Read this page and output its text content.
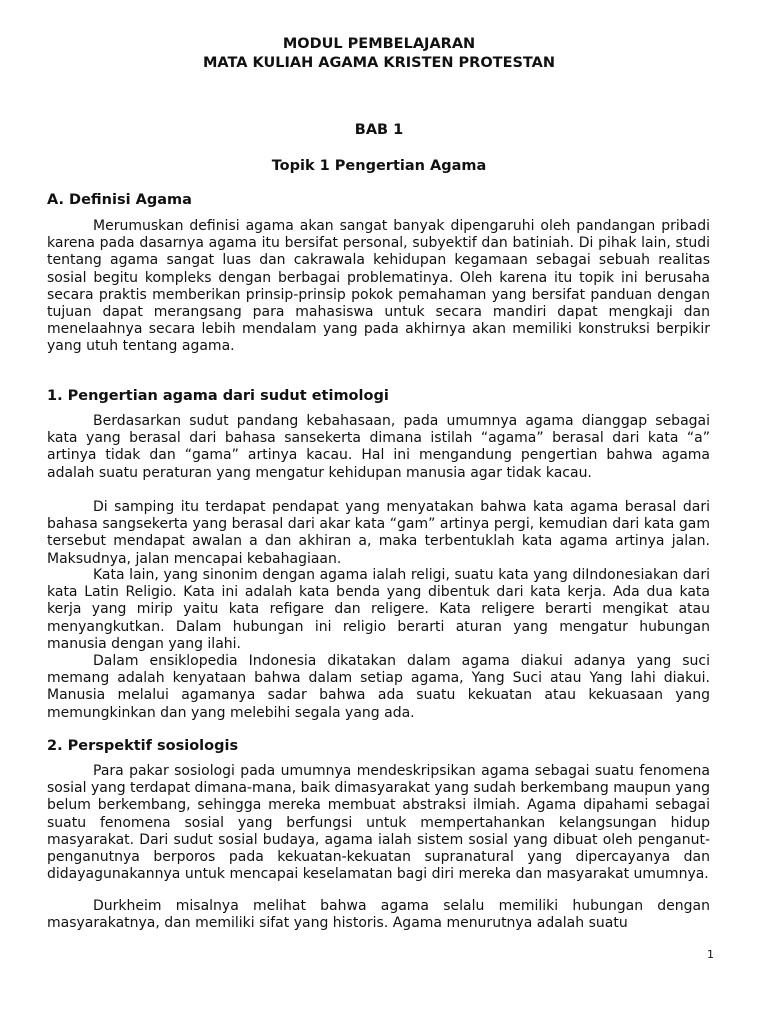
MODUL PEMBELAJARAN
MATA KULIAH AGAMA KRISTEN PROTESTAN
BAB 1
Topik 1 Pengertian Agama
A. Definisi Agama

Merumuskan definisi agama akan sangat banyak dipengaruhi oleh pandangan pribadi karena pada dasarnya agama itu bersifat personal, subyektif dan batiniah. Di pihak lain, studi tentang agama sangat luas dan cakrawala kehidupan kegamaan sebagai sebuah realitas sosial begitu kompleks dengan berbagai problematinya. Oleh karena itu topik ini berusaha secara praktis memberikan prinsip-prinsip pokok pemahaman yang bersifat panduan dengan tujuan dapat merangsang para mahasiswa untuk secara mandiri dapat mengkaji dan menelaahnya secara lebih mendalam yang pada akhirnya akan memiliki konstruksi berpikir yang utuh tentang agama.

1. Pengertian agama dari sudut etimologi

Berdasarkan sudut pandang kebahasaan, pada umumnya agama dianggap sebagai kata yang berasal dari bahasa sansekerta dimana istilah “agama” berasal dari kata “a” artinya tidak dan “gama” artinya kacau. Hal ini mengandung pengertian bahwa agama adalah suatu peraturan yang mengatur kehidupan manusia agar tidak kacau.

Di samping itu terdapat pendapat yang menyatakan bahwa kata agama berasal dari bahasa sangsekerta yang berasal dari akar kata “gam” artinya pergi, kemudian dari kata gam tersebut mendapat awalan a dan akhiran a, maka terbentuklah kata agama artinya jalan. Maksudnya, jalan mencapai kebahagiaan.

Kata lain, yang sinonim dengan agama ialah religi, suatu kata yang diIndonesiakan dari kata Latin Religio. Kata ini adalah kata benda yang dibentuk dari kata kerja. Ada dua kata kerja yang mirip yaitu kata refigare dan religere. Kata religere berarti mengikat atau menyangkutkan. Dalam hubungan ini religio berarti aturan yang mengatur hubungan manusia dengan yang ilahi.

Dalam ensiklopedia Indonesia dikatakan dalam agama diakui adanya yang suci memang adalah kenyataan bahwa dalam setiap agama, Yang Suci atau Yang lahi diakui. Manusia melalui agamanya sadar bahwa ada suatu kekuatan atau kekuasaan yang memungkinkan dan yang melebihi segala yang ada.

2. Perspektif sosiologis

Para pakar sosiologi pada umumnya mendeskripsikan agama sebagai suatu fenomena sosial yang terdapat dimana-mana, baik dimasyarakat yang sudah berkembang maupun yang belum berkembang, sehingga mereka membuat abstraksi ilmiah. Agama dipahami sebagai suatu fenomena sosial yang berfungsi untuk mempertahankan kelangsungan hidup masyarakat. Dari sudut sosial budaya, agama ialah sistem sosial yang dibuat oleh penganut-penganutnya berporos pada kekuatan-kekuatan supranatural yang dipercayanya dan didayagunakannya untuk mencapai keselamatan bagi diri mereka dan masyarakat umumnya.

Durkheim misalnya melihat bahwa agama selalu memiliki hubungan dengan masyarakatnya, dan memiliki sifat yang historis. Agama menurutnya adalah suatu

1
